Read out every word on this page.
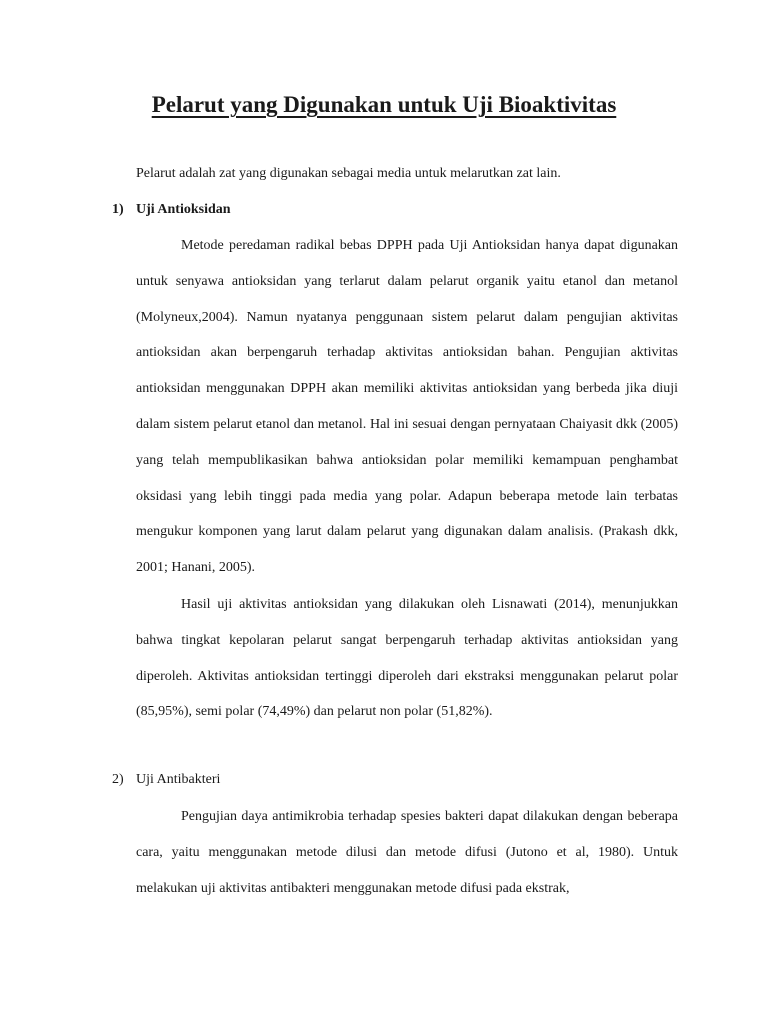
Pelarut yang Digunakan untuk Uji Bioaktivitas

Pelarut adalah zat yang digunakan sebagai media untuk melarutkan zat lain.

1) Uji Antioksidan

Metode peredaman radikal bebas DPPH pada Uji Antioksidan hanya dapat digunakan untuk senyawa antioksidan yang terlarut dalam pelarut organik yaitu etanol dan metanol (Molyneux,2004). Namun nyatanya penggunaan sistem pelarut dalam pengujian aktivitas antioksidan akan berpengaruh terhadap aktivitas antioksidan bahan. Pengujian aktivitas antioksidan menggunakan DPPH akan memiliki aktivitas antioksidan yang berbeda jika diuji dalam sistem pelarut etanol dan metanol. Hal ini sesuai dengan pernyataan Chaiyasit dkk (2005) yang telah mempublikasikan bahwa antioksidan polar memiliki kemampuan penghambat oksidasi yang lebih tinggi pada media yang polar. Adapun beberapa metode lain terbatas mengukur komponen yang larut dalam pelarut yang digunakan dalam analisis. (Prakash dkk, 2001; Hanani, 2005).

Hasil uji aktivitas antioksidan yang dilakukan oleh Lisnawati (2014), menunjukkan bahwa tingkat kepolaran pelarut sangat berpengaruh terhadap aktivitas antioksidan yang diperoleh. Aktivitas antioksidan tertinggi diperoleh dari ekstraksi menggunakan pelarut polar (85,95%), semi polar (74,49%) dan pelarut non polar (51,82%).

2) Uji Antibakteri

Pengujian daya antimikrobia terhadap spesies bakteri dapat dilakukan dengan beberapa cara, yaitu menggunakan metode dilusi dan metode difusi (Jutono et al, 1980). Untuk melakukan uji aktivitas antibakteri menggunakan metode difusi pada ekstrak,
